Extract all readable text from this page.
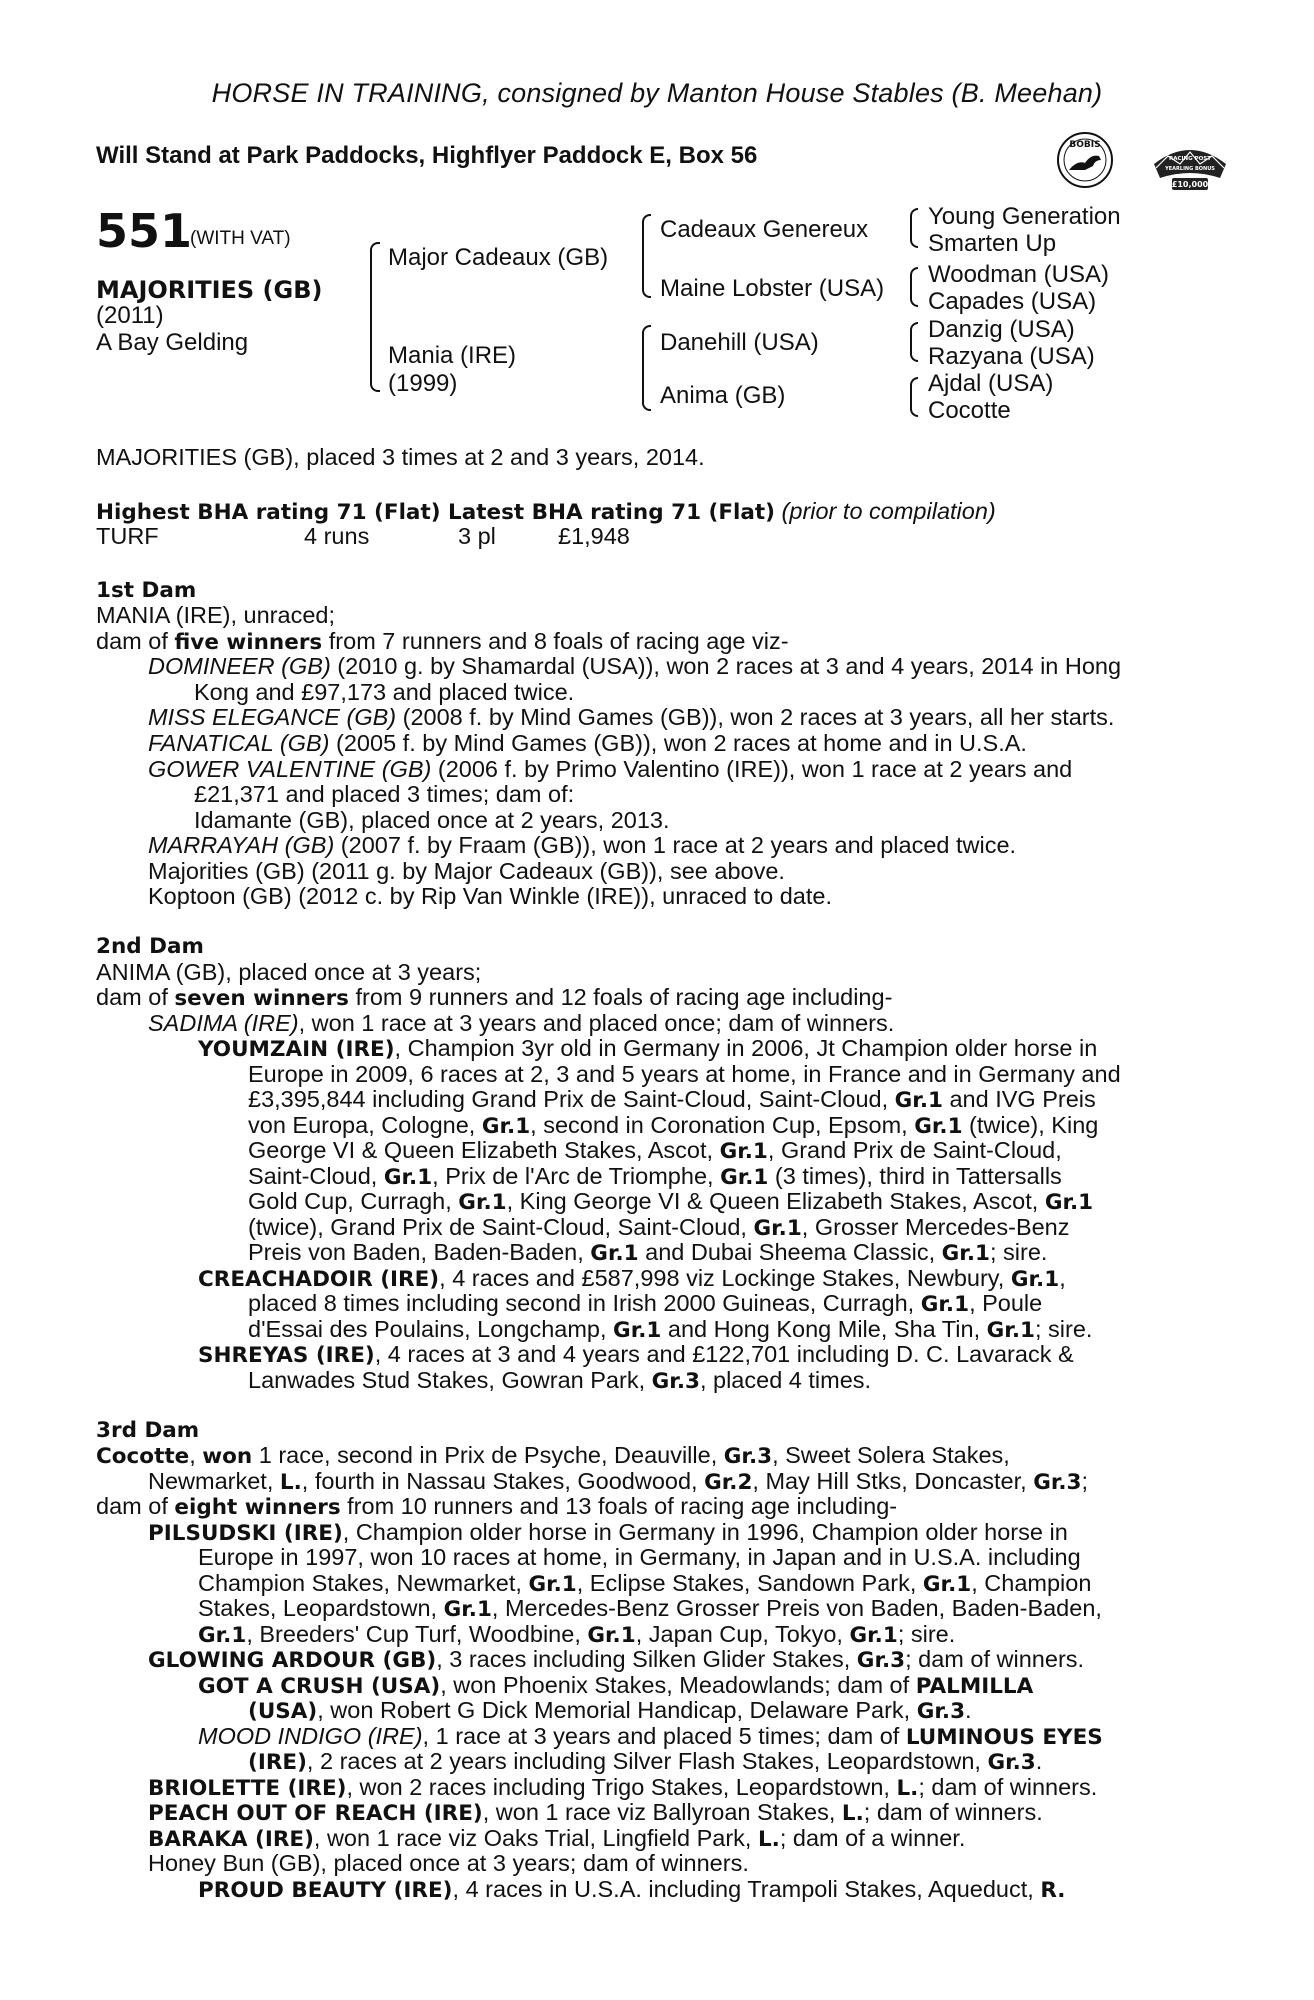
HORSE IN TRAINING, consigned by Manton House Stables (B. Meehan)
Will Stand at Park Paddocks, Highflyer Paddock E, Box 56	BOBIS
RACING POST
YEARLING BONUS
£10,000
551
(WITH VAT)
MAJORITIES (GB)
(2011)
A Bay Gelding
Major Cadeaux (GB)
Mania (IRE)
(1999)
Cadeaux Genereux
Maine Lobster (USA)
Danehill (USA)
Anima (GB)
Young Generation
Smarten Up
Woodman (USA)
Capades (USA)
Danzig (USA)
Razyana (USA)
Ajdal (USA)
Cocotte
MAJORITIES (GB), placed 3 times at 2 and 3 years, 2014.
Highest BHA rating 71 (Flat) Latest BHA rating 71 (Flat) (prior to compilation)
TURF	4 runs	3 pl	£1,948
1st Dam
MANIA (IRE), unraced;
dam of five winners from 7 runners and 8 foals of racing age viz-
DOMINEER (GB) (2010 g. by Shamardal (USA)), won 2 races at 3 and 4 years, 2014 in Hong
Kong and £97,173 and placed twice.
MISS ELEGANCE (GB) (2008 f. by Mind Games (GB)), won 2 races at 3 years, all her starts.
FANATICAL (GB) (2005 f. by Mind Games (GB)), won 2 races at home and in U.S.A.
GOWER VALENTINE (GB) (2006 f. by Primo Valentino (IRE)), won 1 race at 2 years and
£21,371 and placed 3 times; dam of:
Idamante (GB), placed once at 2 years, 2013.
MARRAYAH (GB) (2007 f. by Fraam (GB)), won 1 race at 2 years and placed twice.
Majorities (GB) (2011 g. by Major Cadeaux (GB)), see above.
Koptoon (GB) (2012 c. by Rip Van Winkle (IRE)), unraced to date.
2nd Dam
ANIMA (GB), placed once at 3 years;
dam of seven winners from 9 runners and 12 foals of racing age including-
SADIMA (IRE), won 1 race at 3 years and placed once; dam of winners.
YOUMZAIN (IRE), Champion 3yr old in Germany in 2006, Jt Champion older horse in
Europe in 2009, 6 races at 2, 3 and 5 years at home, in France and in Germany and
£3,395,844 including Grand Prix de Saint-Cloud, Saint-Cloud, Gr.1 and IVG Preis
von Europa, Cologne, Gr.1, second in Coronation Cup, Epsom, Gr.1 (twice), King
George VI & Queen Elizabeth Stakes, Ascot, Gr.1, Grand Prix de Saint-Cloud,
Saint-Cloud, Gr.1, Prix de l'Arc de Triomphe, Gr.1 (3 times), third in Tattersalls
Gold Cup, Curragh, Gr.1, King George VI & Queen Elizabeth Stakes, Ascot, Gr.1
(twice), Grand Prix de Saint-Cloud, Saint-Cloud, Gr.1, Grosser Mercedes-Benz
Preis von Baden, Baden-Baden, Gr.1 and Dubai Sheema Classic, Gr.1; sire.
CREACHADOIR (IRE), 4 races and £587,998 viz Lockinge Stakes, Newbury, Gr.1,
placed 8 times including second in Irish 2000 Guineas, Curragh, Gr.1, Poule
d'Essai des Poulains, Longchamp, Gr.1 and Hong Kong Mile, Sha Tin, Gr.1; sire.
SHREYAS (IRE), 4 races at 3 and 4 years and £122,701 including D. C. Lavarack &
Lanwades Stud Stakes, Gowran Park, Gr.3, placed 4 times.
3rd Dam
Cocotte, won 1 race, second in Prix de Psyche, Deauville, Gr.3, Sweet Solera Stakes,
Newmarket, L., fourth in Nassau Stakes, Goodwood, Gr.2, May Hill Stks, Doncaster, Gr.3;
dam of eight winners from 10 runners and 13 foals of racing age including-
PILSUDSKI (IRE), Champion older horse in Germany in 1996, Champion older horse in
Europe in 1997, won 10 races at home, in Germany, in Japan and in U.S.A. including
Champion Stakes, Newmarket, Gr.1, Eclipse Stakes, Sandown Park, Gr.1, Champion
Stakes, Leopardstown, Gr.1, Mercedes-Benz Grosser Preis von Baden, Baden-Baden,
Gr.1, Breeders' Cup Turf, Woodbine, Gr.1, Japan Cup, Tokyo, Gr.1; sire.
GLOWING ARDOUR (GB), 3 races including Silken Glider Stakes, Gr.3; dam of winners.
GOT A CRUSH (USA), won Phoenix Stakes, Meadowlands; dam of PALMILLA
(USA), won Robert G Dick Memorial Handicap, Delaware Park, Gr.3.
MOOD INDIGO (IRE), 1 race at 3 years and placed 5 times; dam of LUMINOUS EYES
(IRE), 2 races at 2 years including Silver Flash Stakes, Leopardstown, Gr.3.
BRIOLETTE (IRE), won 2 races including Trigo Stakes, Leopardstown, L.; dam of winners.
PEACH OUT OF REACH (IRE), won 1 race viz Ballyroan Stakes, L.; dam of winners.
BARAKA (IRE), won 1 race viz Oaks Trial, Lingfield Park, L.; dam of a winner.
Honey Bun (GB), placed once at 3 years; dam of winners.
PROUD BEAUTY (IRE), 4 races in U.S.A. including Trampoli Stakes, Aqueduct, R.
